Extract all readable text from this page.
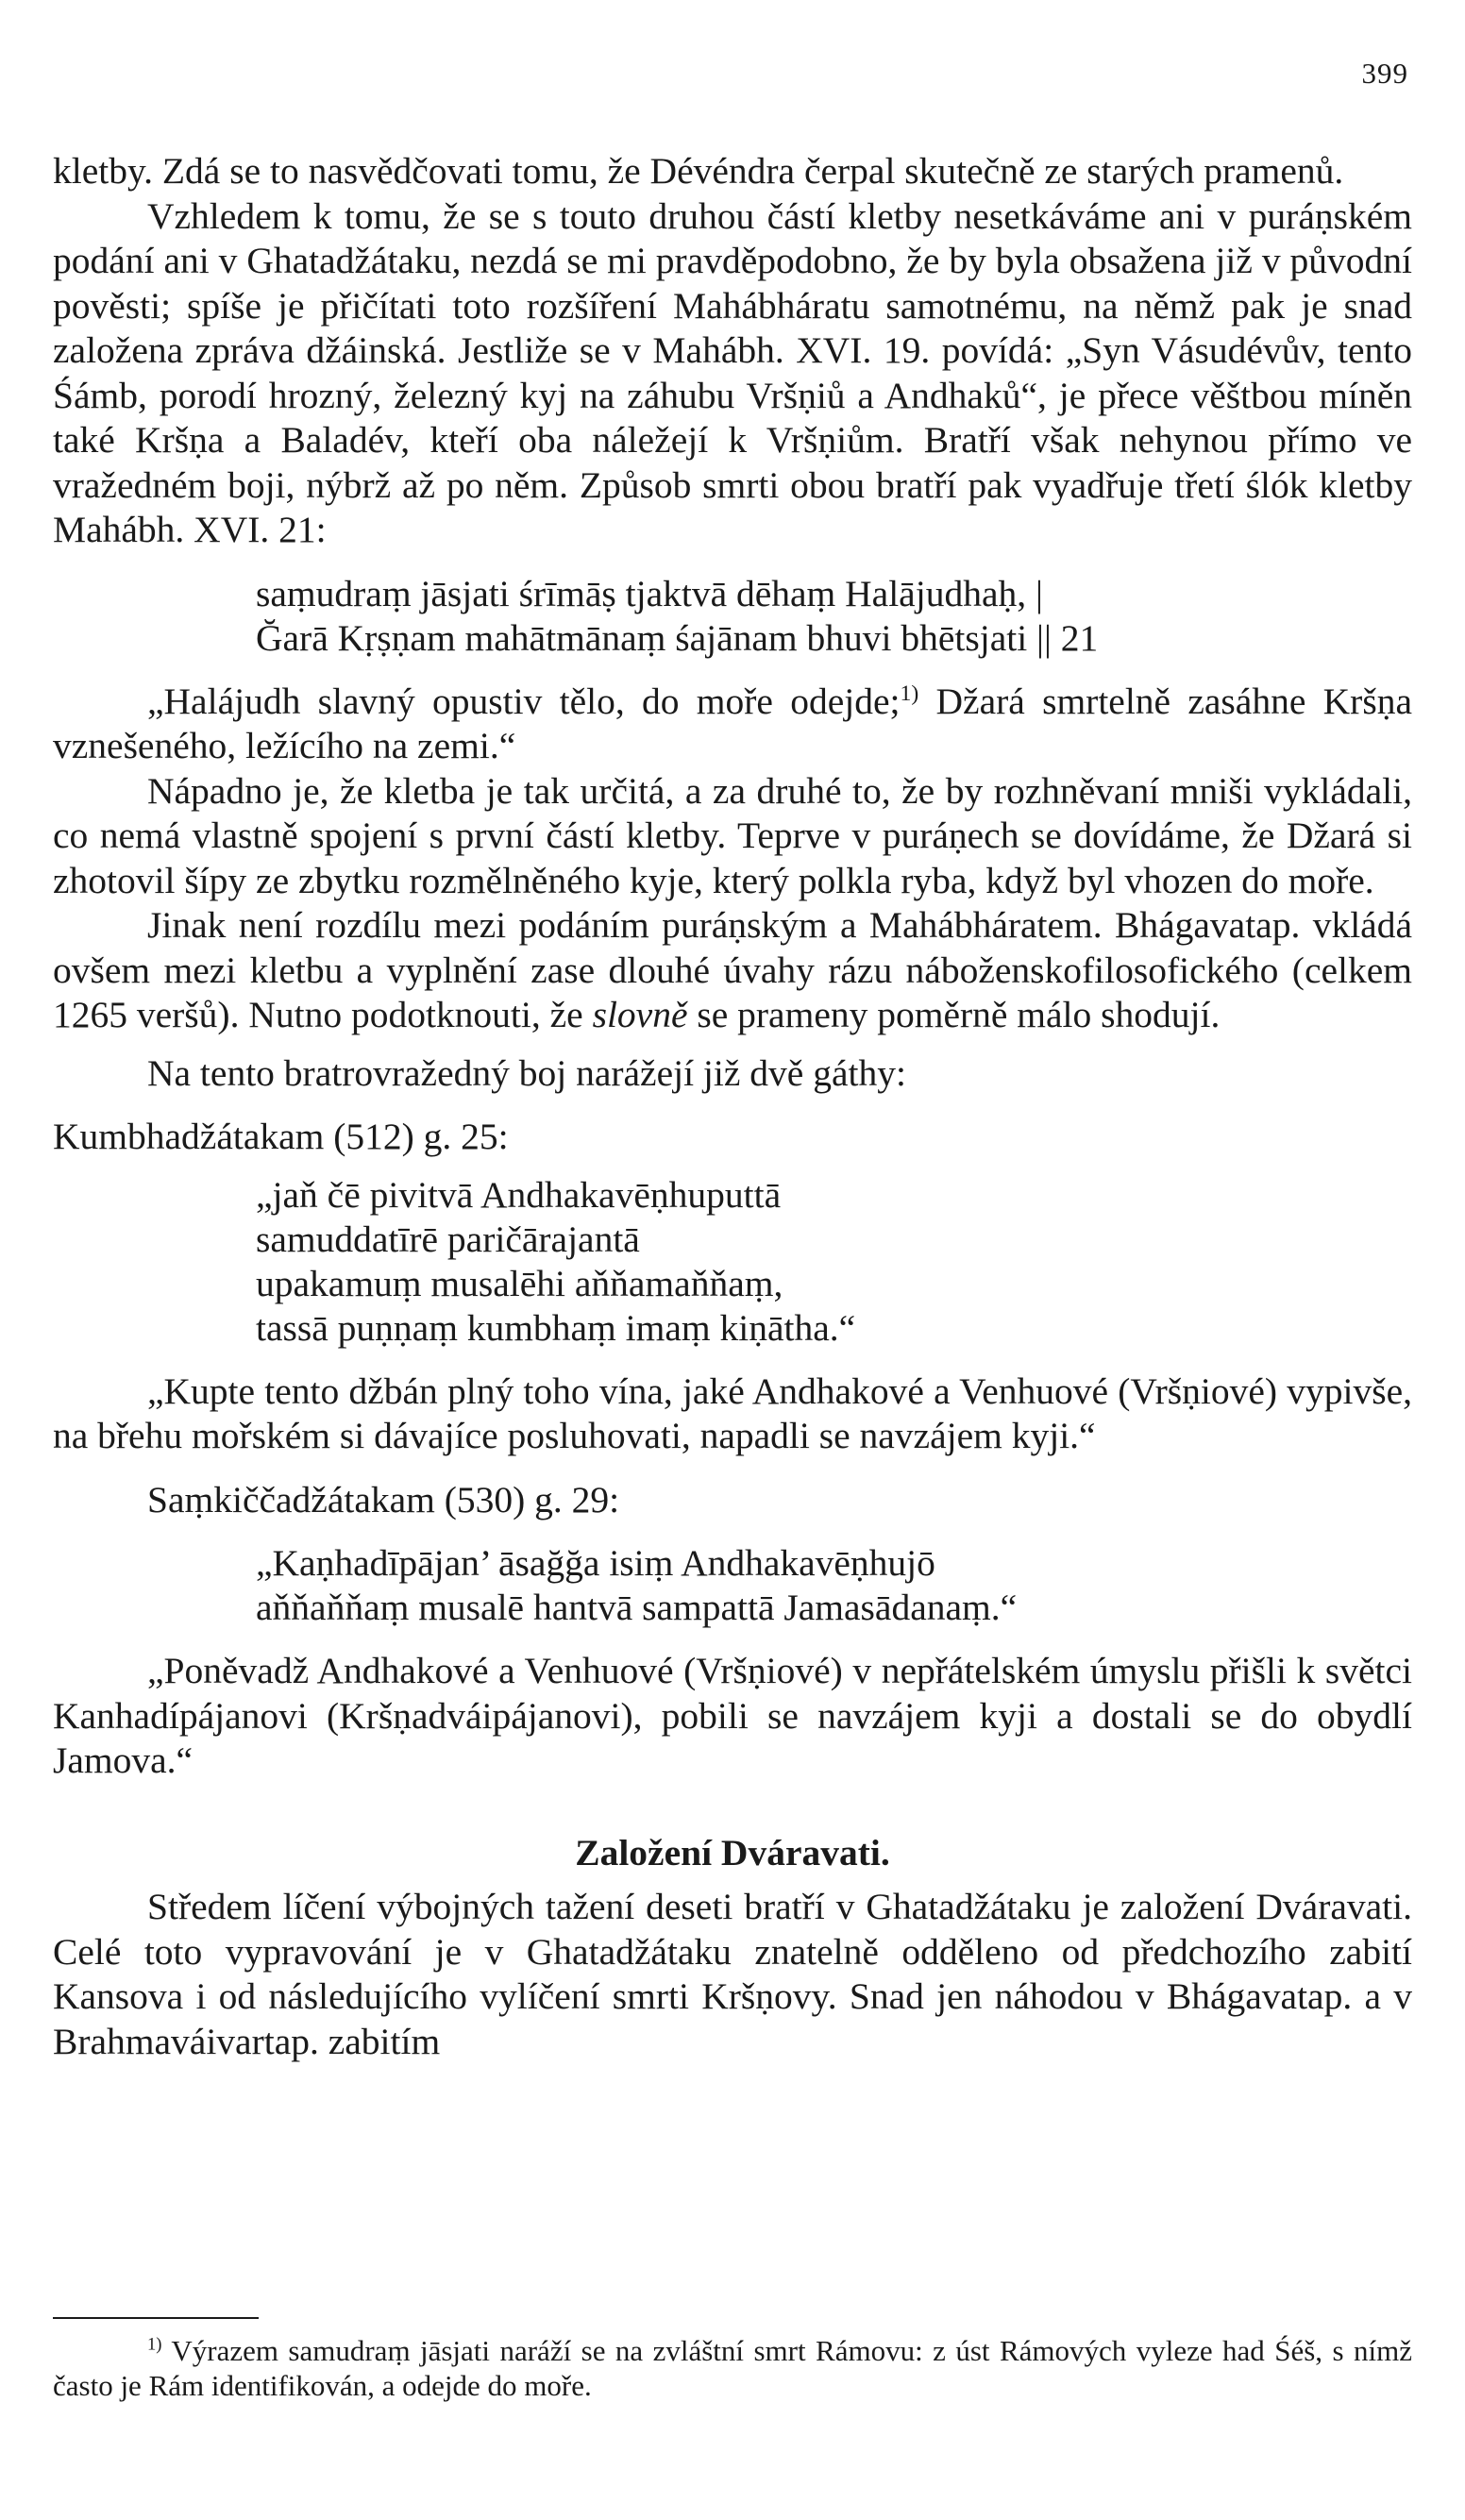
399

kletby. Zdá se to nasvědčovati tomu, že Dévéndra čerpal skutečně ze starých pramenů.

Vzhledem k tomu, že se s touto druhou částí kletby nesetkáváme ani v puráṇském podání ani v Ghatadžátaku, nezdá se mi pravděpodobno, že by byla obsažena již v původní pověsti; spíše je přičítati toto rozšíření Mahábháratu samotnému, na němž pak je snad založena zpráva džáinská. Jestliže se v Mahábh. XVI. 19. povídá: „Syn Vásudévův, tento Śámb, porodí hrozný, železný kyj na záhubu Vršṇiů a Andhaků“, je přece věštbou míněn také Kršṇa a Baladév, kteří oba náležejí k Vršṇiům. Bratří však nehynou přímo ve vražedném boji, nýbrž až po něm. Způsob smrti obou bratří pak vyadřuje třetí ślók kletby Mahábh. XVI. 21:

saṃudraṃ jāsjati śrīmāṣ tjaktvā dēhaṃ Halājudhaḥ, |
Ğarā Kṛṣṇam mahātmānaṃ śajānam bhuvi bhētsjati || 21

„Halájudh slavný opustiv tělo, do moře odejde;$^{1)}$ Džará smrtelně zasáhne Kršṇa vznešeného, ležícího na zemi.“

Nápadno je, že kletba je tak určitá, a za druhé to, že by rozhněvaní mniši vykládali, co nemá vlastně spojení s první částí kletby. Teprve v puráṇech se dovídáme, že Džará si zhotovil šípy ze zbytku rozmělněného kyje, který polkla ryba, když byl vhozen do moře.

Jinak není rozdílu mezi podáním puráṇským a Mahábháratem. Bhágavatap. vkládá ovšem mezi kletbu a vyplnění zase dlouhé úvahy rázu náboženskofilosofického (celkem 1265 veršů). Nutno podotknouti, že slovně se prameny poměrně málo shodují.

Na tento bratrovražedný boj narážejí již dvě gáthy:

Kumbhadžátakam (512) g. 25:

„jaň čē pivitvā Andhakavēṇhuputtā
samuddatīrē paričārajantā
upakamuṃ musalēhi aňňamaňňaṃ,
tassā puṇṇaṃ kumbhaṃ imaṃ kiṇātha.“

„Kupte tento džbán plný toho vína, jaké Andhakové a Venhuové (Vršṇiové) vypivše, na břehu mořském si dávajíce posluhovati, napadli se navzájem kyji.“

Saṃkiččadžátakam (530) g. 29:

„Kaṇhadīpājan’ āsağğa isiṃ Andhakavēṇhujō
aňňaňňaṃ musalē hantvā sampattā Jamasādanaṃ.“

„Poněvadž Andhakové a Venhuové (Vršṇiové) v nepřátelském úmyslu přišli k světci Kanhadípájanovi (Kršṇadváipájanovi), pobili se navzájem kyji a dostali se do obydlí Jamova.“

Založení Dváravati.

Středem líčení výbojných tažení deseti bratří v Ghatadžátaku je založení Dváravati. Celé toto vypravování je v Ghatadžátaku znatelně odděleno od předchozího zabití Kansova i od následujícího vylíčení smrti Kršṇovy. Snad jen náhodou v Bhágavatap. a v Brahmaváivartap. zabitím

$^{1)}$ Výrazem samudraṃ jāsjati naráží se na zvláštní smrt Rámovu: z úst Rámových vyleze had Śéš, s nímž často je Rám identifikován, a odejde do moře.
